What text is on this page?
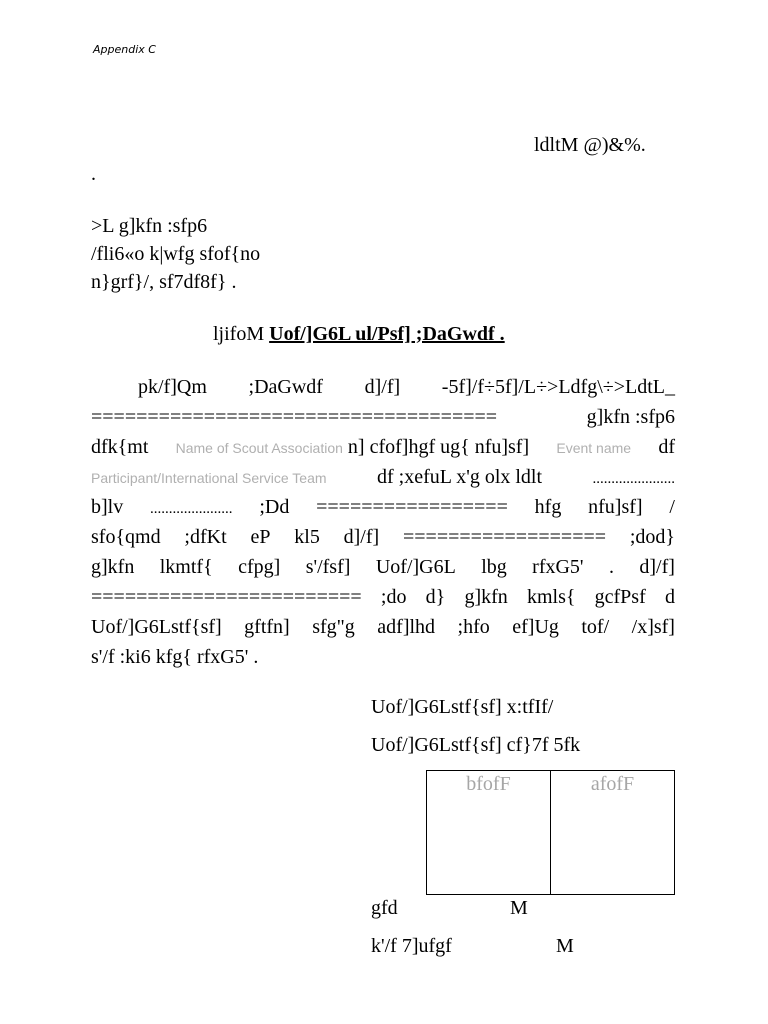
Appendix C
ldltM @)&%.
.
>L g]kfn :sfp6
/fli6«o k|wfg sfof{no
n}grf}/, sf7df8f} .
ljifoM Uof/]G6L ul/Psf] ;DaGwdf .
pk/f]Qm ;DaGwdf d]/f] -5f]/f÷5f]/L÷>Ldfg\÷>LdtL_
====================================	g]kfn :sfp6
dfk{mt Name of Scout Association n] cfof]hgf ug{ nfu]sf] Event name df
Participant/International Service Team	df ;xefuL x'g olx ldlt	......................
b]lv ...................... ;Dd ================= hfg nfu]sf] /
sfo{qmd ;dfKt eP kl5 d]/f] ================== ;dod}
g]kfn lkmtf{ cfpg] s'/fsf] Uof/]G6L lbg rfxG5' . d]/f]
======================== ;do d} g]kfn kmls{ gcfPsf d
Uof/]G6Lstf{sf] gftfn] sfg"g adf]lhd ;hfo ef]Ug tof/ /x]sf]
s'/f :ki6 kfg{ rfxG5' .
Uof/]G6Lstf{sf] x:tfIf/
Uof/]G6Lstf{sf] cf}7f 5fk
bfofF	afofF
gfd	M
k'/f 7]ufgf	M
